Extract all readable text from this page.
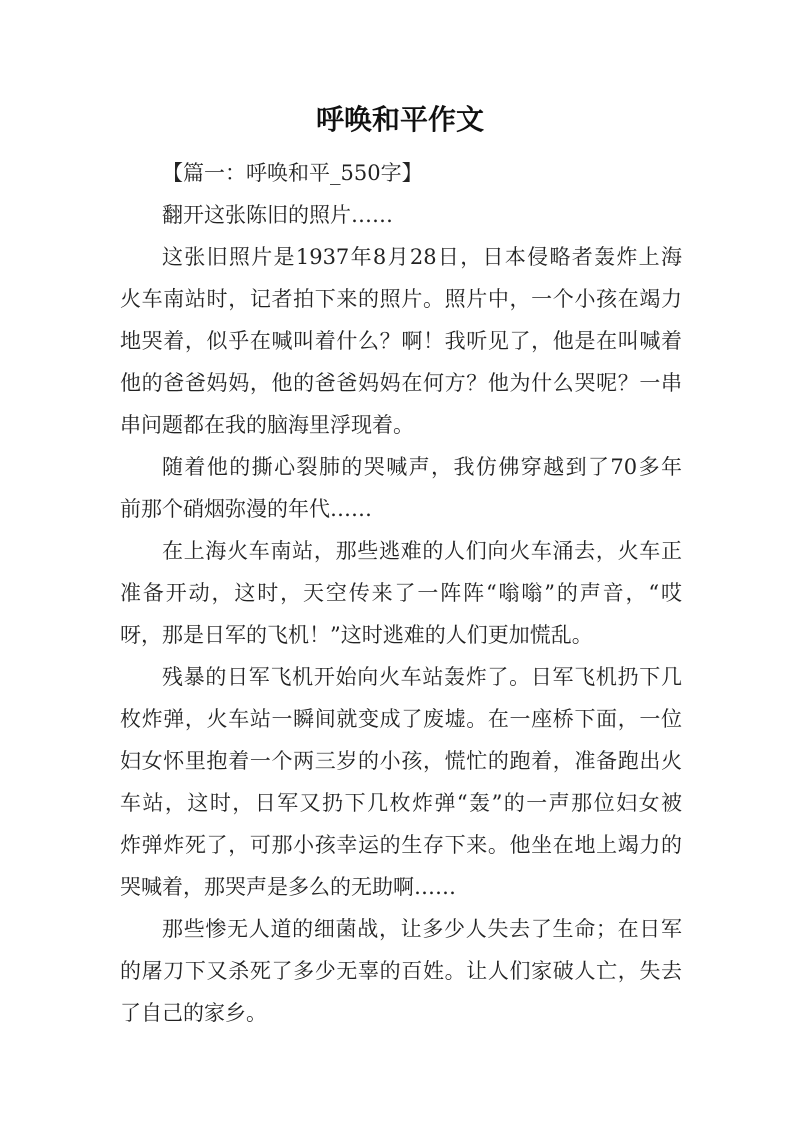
呼唤和平作文
【篇一：呼唤和平_550字】
翻开这张陈旧的照片……
这张旧照片是1937年8月28日，日本侵略者轰炸上海
火车南站时，记者拍下来的照片。照片中，一个小孩在竭力
地哭着，似乎在喊叫着什么？啊！我听见了，他是在叫喊着
他的爸爸妈妈，他的爸爸妈妈在何方？他为什么哭呢？一串
串问题都在我的脑海里浮现着。
随着他的撕心裂肺的哭喊声，我仿佛穿越到了70多年
前那个硝烟弥漫的年代……
在上海火车南站，那些逃难的人们向火车涌去，火车正
准备开动，这时，天空传来了一阵阵“嗡嗡”的声音，“哎
呀，那是日军的飞机！”这时逃难的人们更加慌乱。
残暴的日军飞机开始向火车站轰炸了。日军飞机扔下几
枚炸弹，火车站一瞬间就变成了废墟。在一座桥下面，一位
妇女怀里抱着一个两三岁的小孩，慌忙的跑着，准备跑出火
车站，这时，日军又扔下几枚炸弹“轰”的一声那位妇女被
炸弹炸死了，可那小孩幸运的生存下来。他坐在地上竭力的
哭喊着，那哭声是多么的无助啊……
那些惨无人道的细菌战，让多少人失去了生命；在日军
的屠刀下又杀死了多少无辜的百姓。让人们家破人亡，失去
了自己的家乡。
